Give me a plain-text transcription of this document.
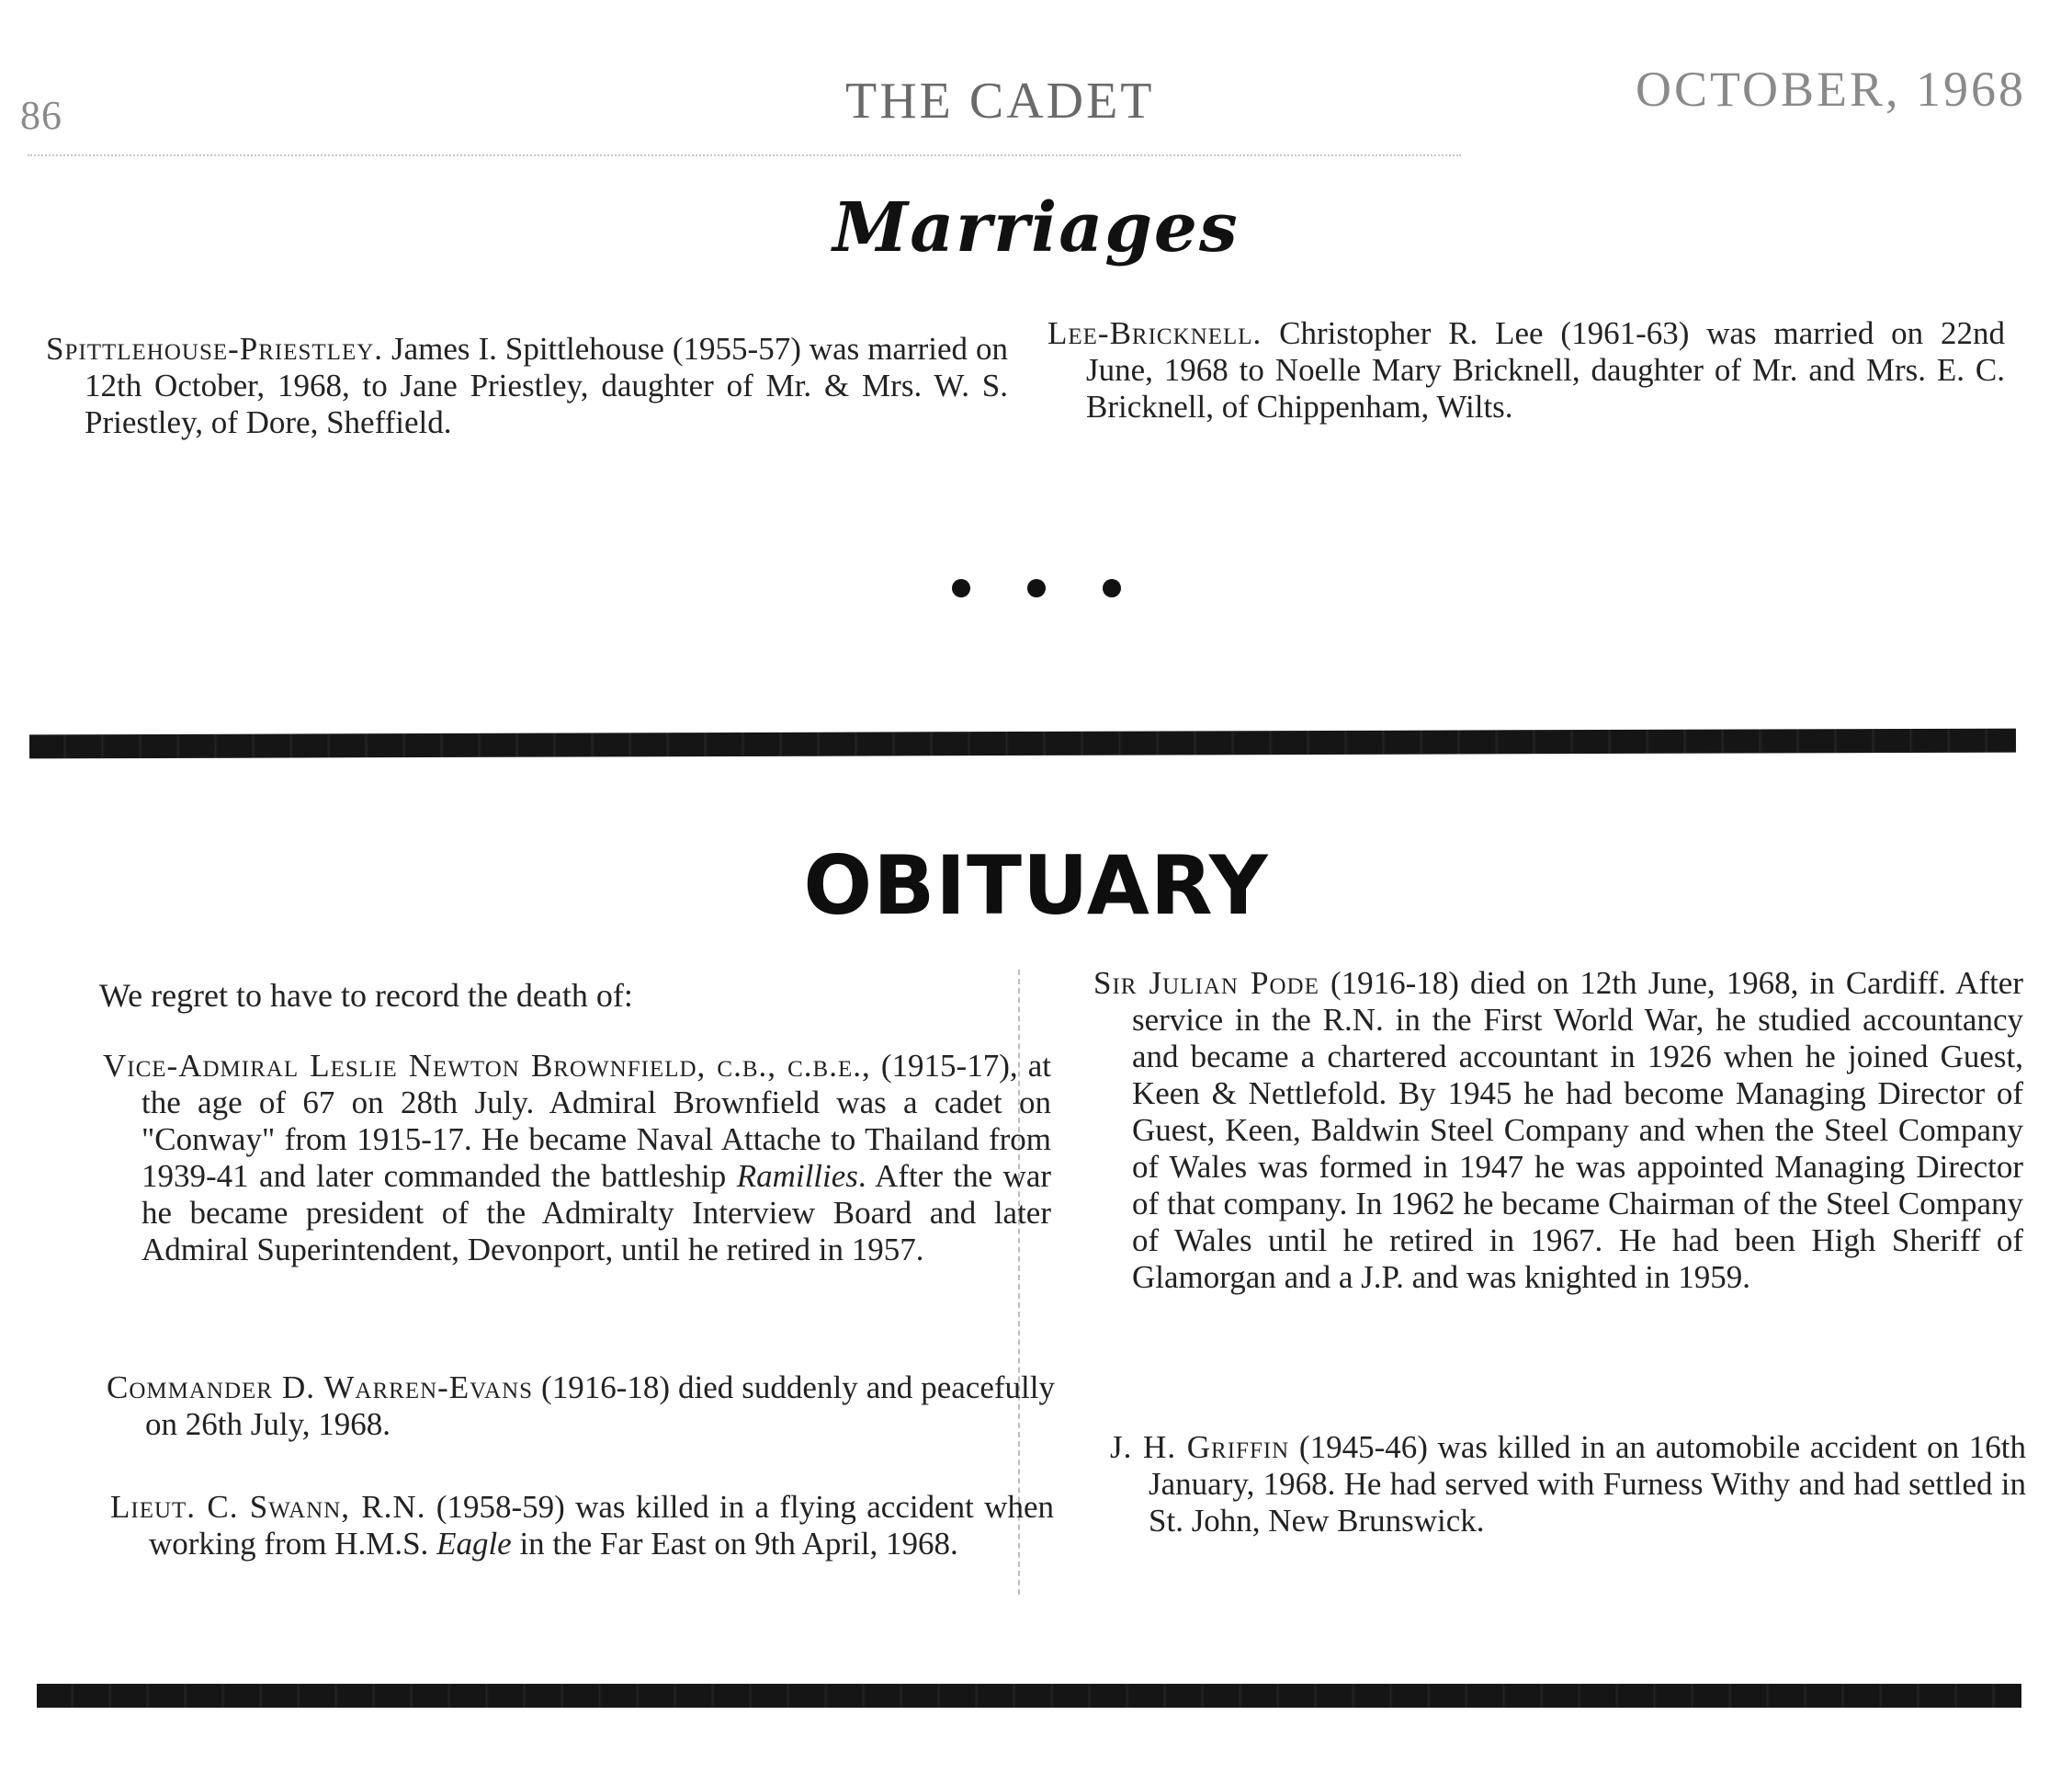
86	THE CADET	OCTOBER, 1968
Marriages
Spittlehouse-Priestley. James I. Spittlehouse (1955-57) was married on 12th October, 1968, to Jane Priestley, daughter of Mr. & Mrs. W. S. Priestley, of Dore, Sheffield.
Lee-Bricknell. Christopher R. Lee (1961-63) was married on 22nd June, 1968 to Noelle Mary Bricknell, daughter of Mr. and Mrs. E. C. Bricknell, of Chippenham, Wilts.
OBITUARY
We regret to have to record the death of:
Vice-Admiral Leslie Newton Brownfield, c.b., c.b.e., (1915-17), at the age of 67 on 28th July. Admiral Brownfield was a cadet on "Conway" from 1915-17. He became Naval Attache to Thailand from 1939-41 and later commanded the battleship Ramillies. After the war he became president of the Admiralty Interview Board and later Admiral Superintendent, Devonport, until he retired in 1957.
Commander D. Warren-Evans (1916-18) died suddenly and peacefully on 26th July, 1968.
Lieut. C. Swann, R.N. (1958-59) was killed in a flying accident when working from H.M.S. Eagle in the Far East on 9th April, 1968.
Sir Julian Pode (1916-18) died on 12th June, 1968, in Cardiff. After service in the R.N. in the First World War, he studied accountancy and became a chartered accountant in 1926 when he joined Guest, Keen & Nettlefold. By 1945 he had become Managing Director of Guest, Keen, Baldwin Steel Company and when the Steel Company of Wales was formed in 1947 he was appointed Managing Director of that company. In 1962 he became Chairman of the Steel Company of Wales until he retired in 1967. He had been High Sheriff of Glamorgan and a J.P. and was knighted in 1959.
J. H. Griffin (1945-46) was killed in an automobile accident on 16th January, 1968. He had served with Furness Withy and had settled in St. John, New Brunswick.
